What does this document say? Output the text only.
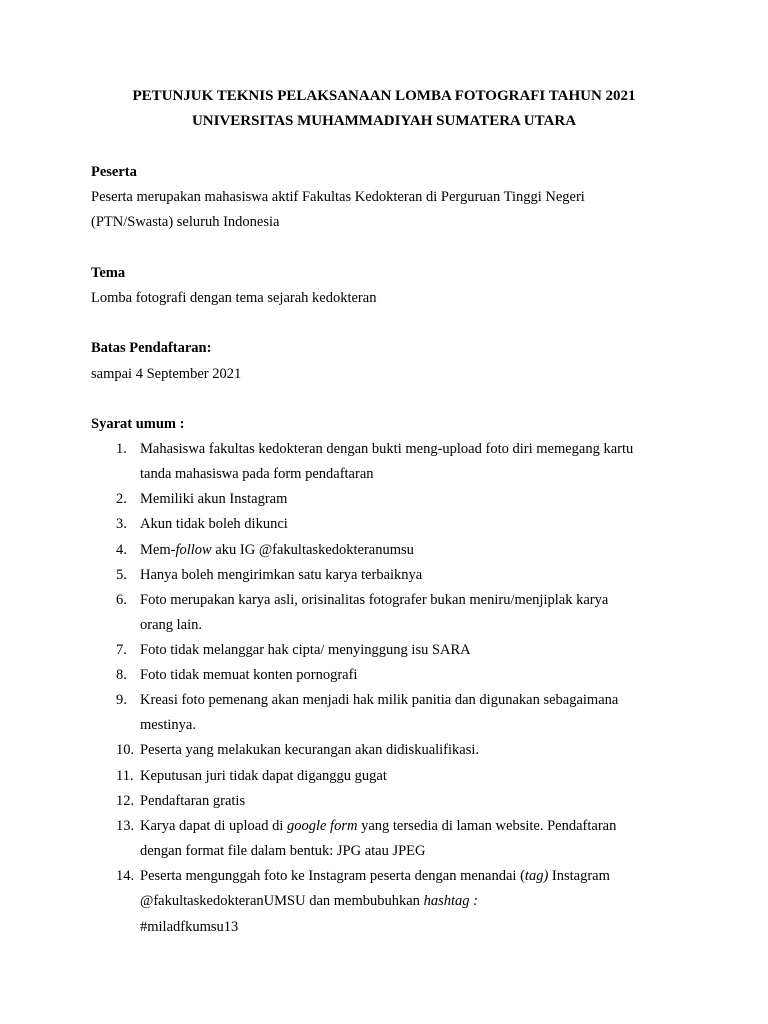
PETUNJUK TEKNIS PELAKSANAAN LOMBA FOTOGRAFI TAHUN 2021
UNIVERSITAS MUHAMMADIYAH SUMATERA UTARA
Peserta
Peserta merupakan mahasiswa aktif Fakultas Kedokteran di Perguruan Tinggi Negeri
(PTN/Swasta) seluruh Indonesia
Tema
Lomba fotografi dengan tema sejarah kedokteran
Batas Pendaftaran:
sampai 4 September 2021
Syarat umum :
1. Mahasiswa fakultas kedokteran dengan bukti meng-upload foto diri memegang kartu
tanda mahasiswa pada form pendaftaran
2. Memiliki akun Instagram
3. Akun tidak boleh dikunci
4. Mem-follow aku IG @fakultaskedokteranumsu
5. Hanya boleh mengirimkan satu karya terbaiknya
6. Foto merupakan karya asli, orisinalitas fotografer bukan meniru/menjiplak karya
orang lain.
7. Foto tidak melanggar hak cipta/ menyinggung isu SARA
8. Foto tidak memuat konten pornografi
9. Kreasi foto pemenang akan menjadi hak milik panitia dan digunakan sebagaimana
mestinya.
10. Peserta yang melakukan kecurangan akan didiskualifikasi.
11. Keputusan juri tidak dapat diganggu gugat
12. Pendaftaran gratis
13. Karya dapat di upload di google form yang tersedia di laman website. Pendaftaran
dengan format file dalam bentuk: JPG atau JPEG
14. Peserta mengunggah foto ke Instagram peserta dengan menandai (tag) Instagram
@fakultaskedokteranUMSU dan membubuhkan hashtag :
#miladfkumsu13
